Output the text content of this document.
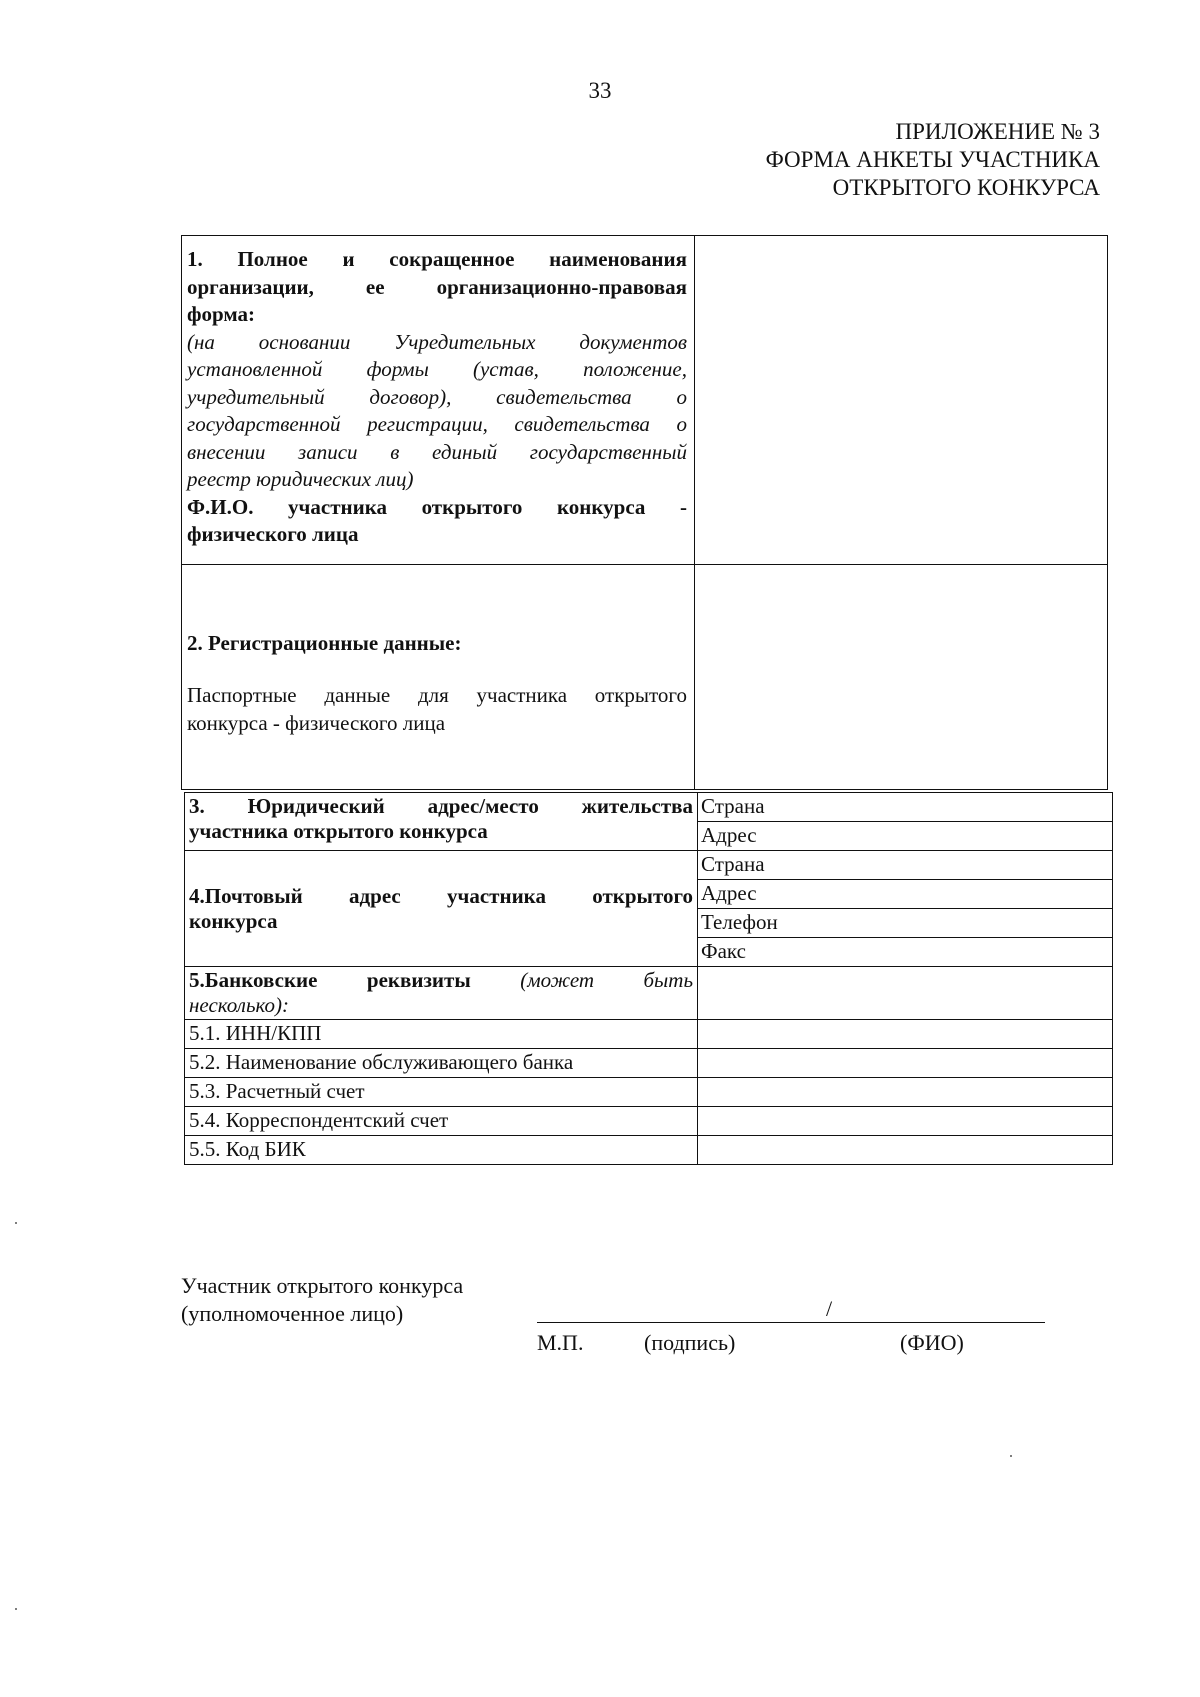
33
ПРИЛОЖЕНИЕ № 3
ФОРМА АНКЕТЫ УЧАСТНИКА
ОТКРЫТОГО КОНКУРСА
1. Полное и сокращенное наименования
организации, ее организационно-правовая
форма:
(на основании Учредительных документов
установленной формы (устав, положение,
учредительный договор), свидетельства о
государственной регистрации, свидетельства о
внесении записи в единый государственный
реестр юридических лиц)
Ф.И.О. участника открытого конкурса -
физического лица
2. Регистрационные данные:
Паспортные данные для участника открытого
конкурса - физического лица
3. Юридический адрес/место жительства
участника открытого конкурса	Страна
	Адрес

4.Почтовый адрес участника открытого
конкурса	Страна
	Адрес
	Телефон
	Факс

5.Банковские реквизиты (может быть
несколько):	

5.1. ИНН/КПП	
5.2. Наименование обслуживающего банка	
5.3. Расчетный счет	
5.4. Корреспондентский счет	
5.5. Код БИК	
Участник открытого конкурса
(уполномоченное лицо)	/
М.П.	(подпись)	(ФИО)
